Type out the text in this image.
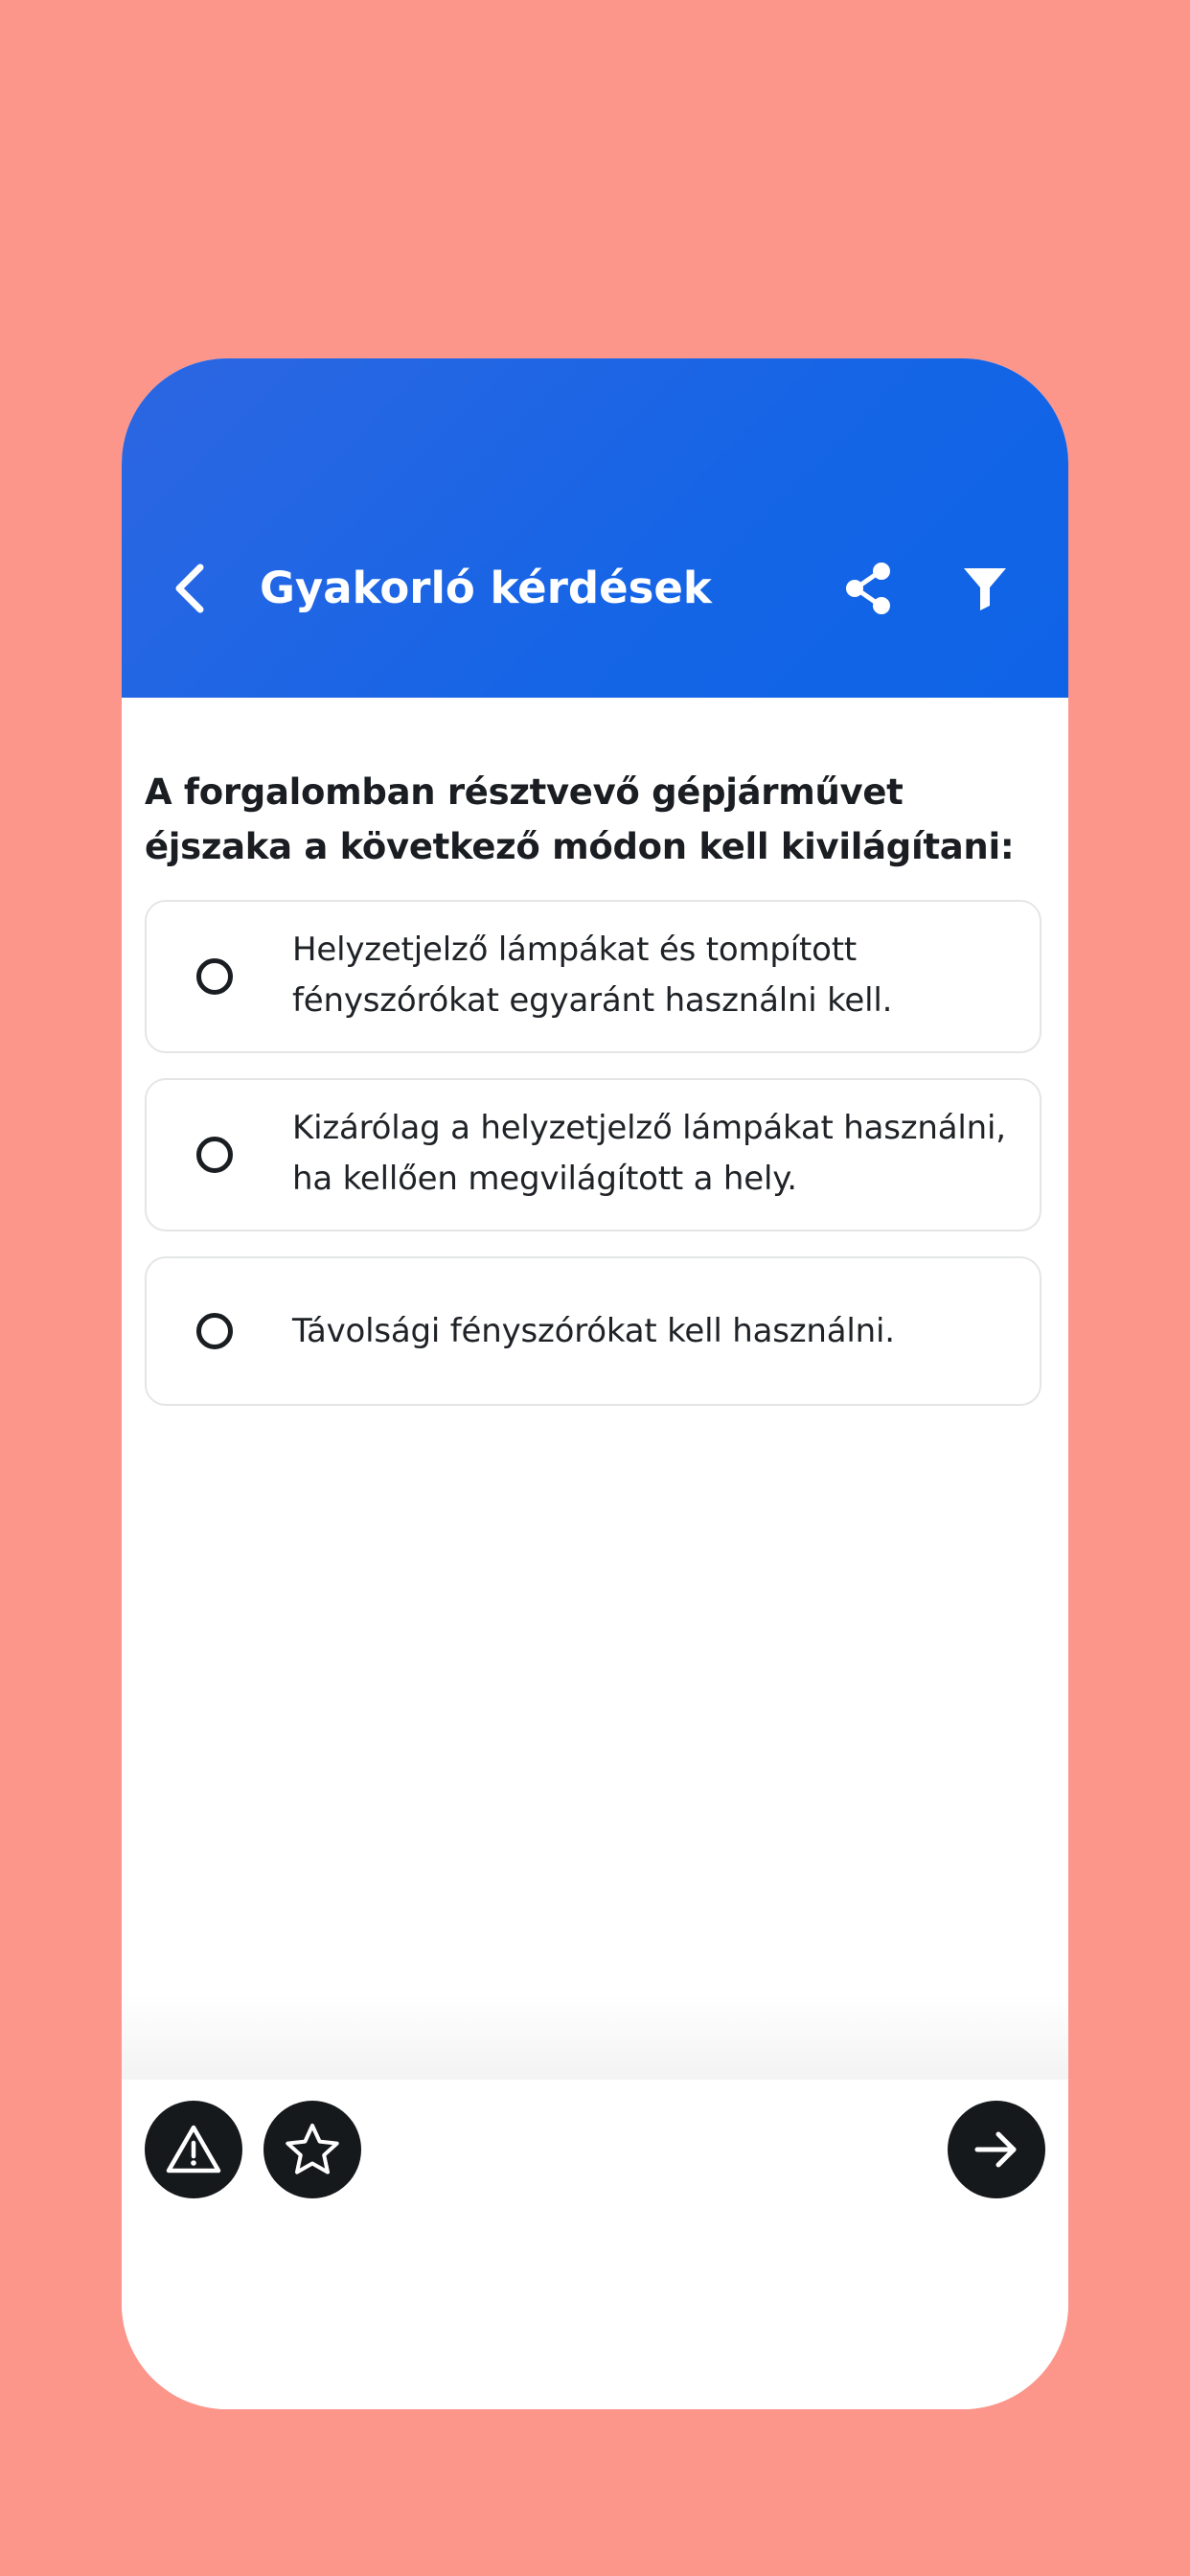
Gyakorló kérdések

A forgalomban résztvevő gépjárművet éjszaka a következő módon kell kivilágítani:

Helyzetjelző lámpákat és tompított fényszórókat egyaránt használni kell.
Kizárólag a helyzetjelző lámpákat használni, ha kellően megvilágított a hely.
Távolsági fényszórókat kell használni.
